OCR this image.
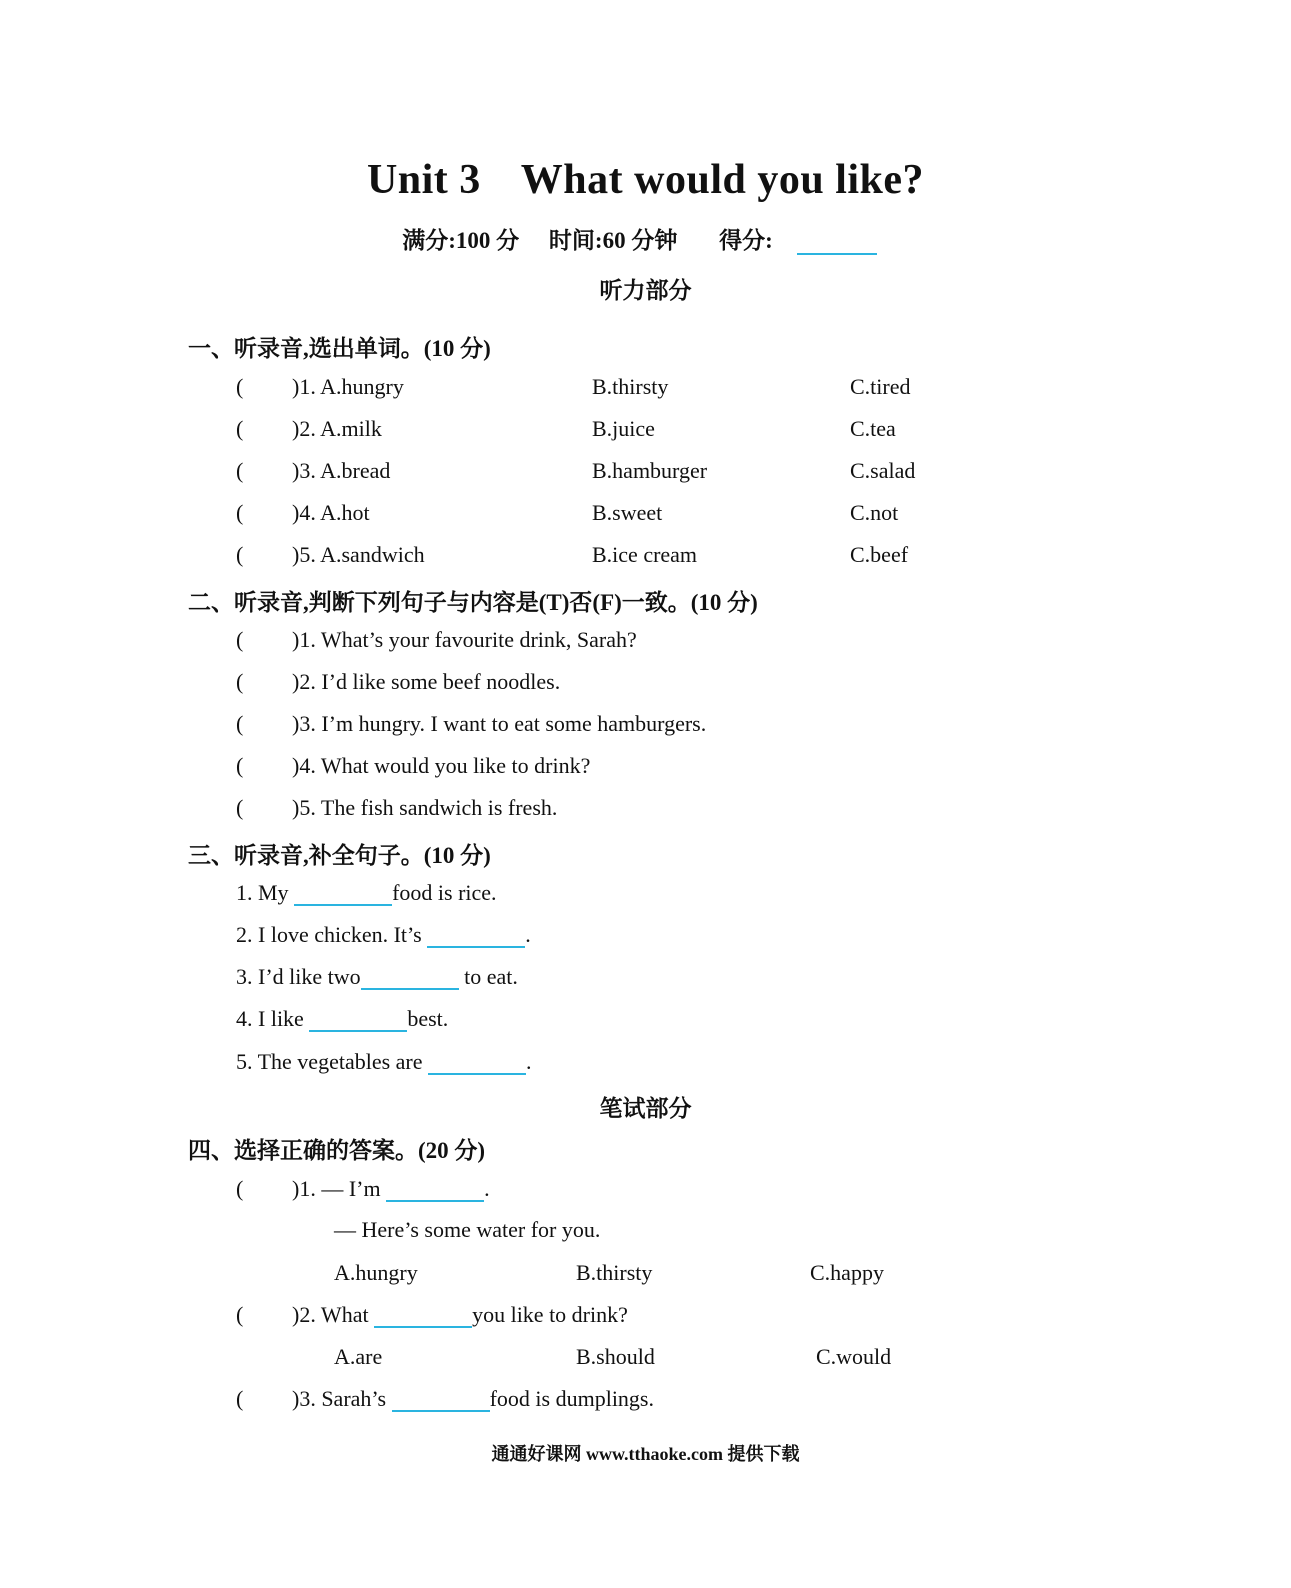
Unit 3 What would you like?
满分:100 分 时间:60 分钟 得分:
听力部分
一、听录音,选出单词。(10 分)
( )1. A.hungry	B.thirsty	C.tired
( )2. A.milk	B.juice	C.tea
( )3. A.bread	B.hamburger	C.salad
( )4. A.hot	B.sweet	C.not
( )5. A.sandwich	B.ice cream	C.beef
二、听录音,判断下列句子与内容是(T)否(F)一致。(10 分)
( )1. What’s your favourite drink, Sarah?
( )2. I’d like some beef noodles.
( )3. I’m hungry. I want to eat some hamburgers.
( )4. What would you like to drink?
( )5. The fish sandwich is fresh.
三、听录音,补全句子。(10 分)
1. My	food is rice.
2. I love chicken. It’s	.
3. I’d like two	to eat.
4. I like	best.
5. The vegetables are	.
笔试部分
四、选择正确的答案。(20 分)
( )1. — I’m	.
— Here’s some water for you.
A.hungry	B.thirsty	C.happy
( )2. What	you like to drink?
A.are	B.should	C.would
( )3. Sarah’s	food is dumplings.
通通好课网 www.tthaoke.com 提供下载
